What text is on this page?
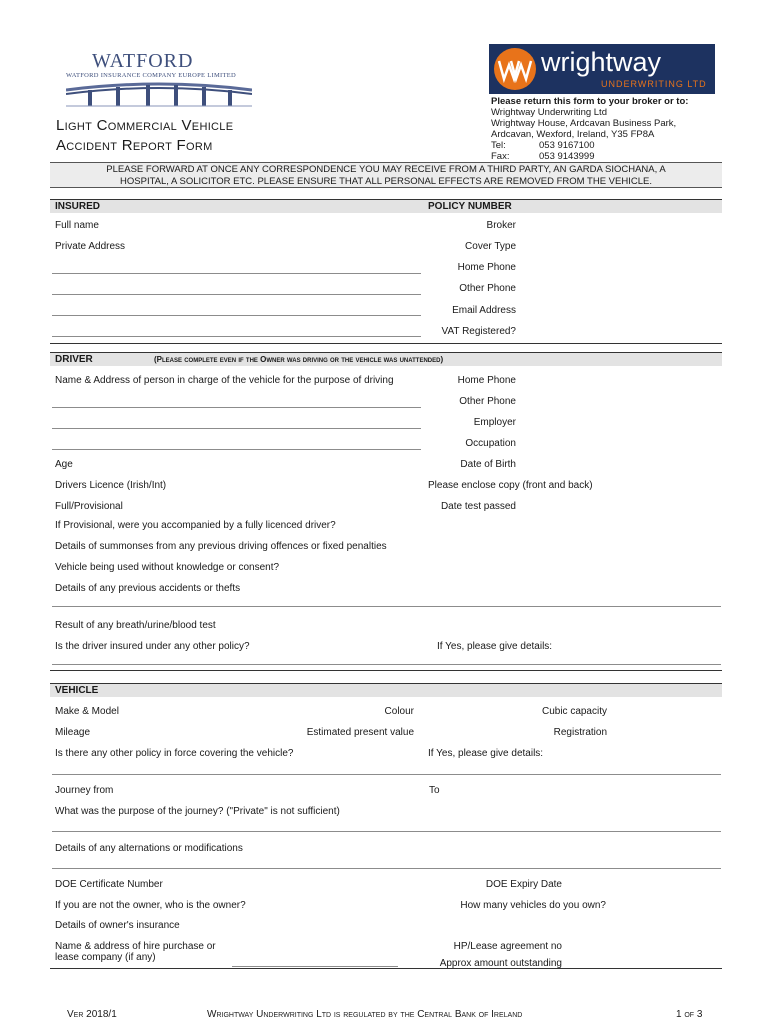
WATFORD
WATFORD INSURANCE COMPANY EUROPE LIMITED	wrightway
UNDERWRITING LTD
Light Commercial Vehicle
Accident Report Form
Please return this form to your broker or to:
Wrightway Underwriting Ltd
Wrightway House, Ardcavan Business Park,
Ardcavan, Wexford, Ireland, Y35 FP8A
Tel:	053 9167100
Fax:	053 9143999
PLEASE FORWARD AT ONCE ANY CORRESPONDENCE YOU MAY RECEIVE FROM A THIRD PARTY, AN GARDA SIOCHANA, A
HOSPITAL, A SOLICITOR ETC. PLEASE ENSURE THAT ALL PERSONAL EFFECTS ARE REMOVED FROM THE VEHICLE.
INSURED	POLICY NUMBER
Full name
Private Address
Broker
Cover Type
Home Phone
Other Phone
Email Address
VAT Registered?
DRIVER	(Please complete even if the Owner was driving or the vehicle was unattended)
Name & Address of person in charge of the vehicle for the purpose of driving	Home Phone
Other Phone
Employer
Occupation
Age	Date of Birth
Drivers Licence (Irish/Int)	Please enclose copy (front and back)
Full/Provisional	Date test passed
If Provisional, were you accompanied by a fully licenced driver?
Details of summonses from any previous driving offences or fixed penalties
Vehicle being used without knowledge or consent?
Details of any previous accidents or thefts
Result of any breath/urine/blood test
Is the driver insured under any other policy?	If Yes, please give details:
VEHICLE
Make & Model	Colour	Cubic capacity
Mileage	Estimated present value	Registration
Is there any other policy in force covering the vehicle?	If Yes, please give details:
Journey from	To
What was the purpose of the journey? ("Private" is not sufficient)
Details of any alternations or modifications
DOE Certificate Number	DOE Expiry Date
If you are not the owner, who is the owner?	How many vehicles do you own?
Details of owner's insurance
Name & address of hire purchase or
lease company (if any)
HP/Lease agreement no
Approx amount outstanding
Ver 2018/1	Wrightway Underwriting Ltd is regulated by the Central Bank of Ireland	1 of 3
